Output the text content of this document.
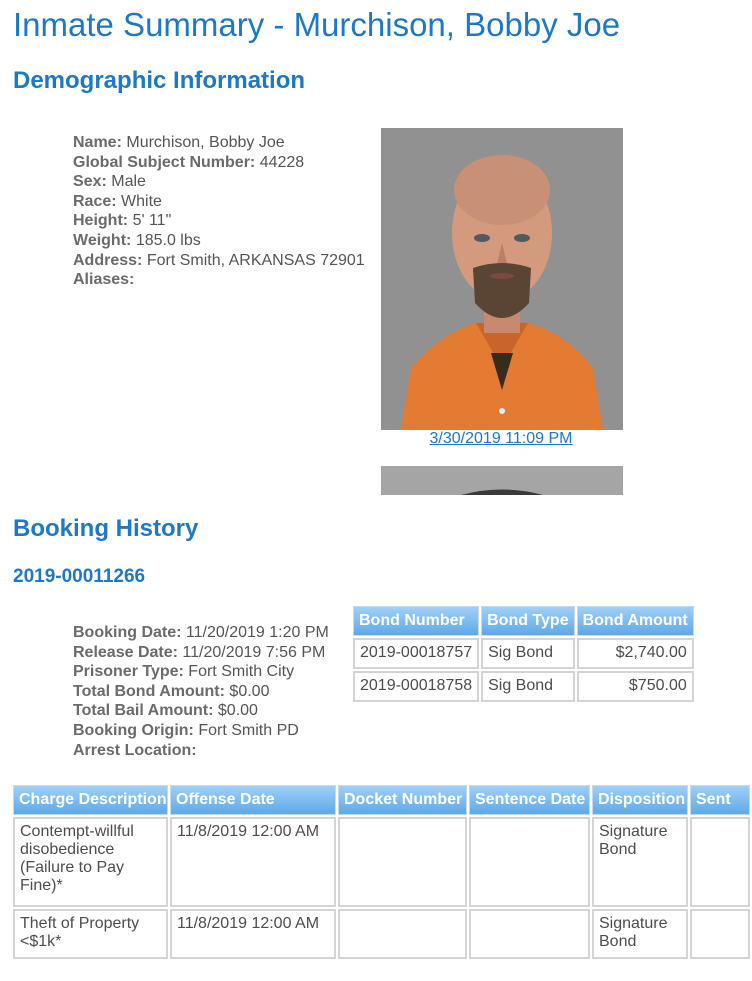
Inmate Summary - Murchison, Bobby Joe
Demographic Information
Name: Murchison, Bobby Joe
Global Subject Number: 44228
Sex: Male
Race: White
Height: 5' 11"
Weight: 185.0 lbs
Address: Fort Smith, ARKANSAS 72901
Aliases:
3/30/2019 11:09 PM
Booking History
2019-00011266
Booking Date: 11/20/2019 1:20 PM
Release Date: 11/20/2019 7:56 PM
Prisoner Type: Fort Smith City
Total Bond Amount: $0.00
Total Bail Amount: $0.00
Booking Origin: Fort Smith PD
Arrest Location:
Bond Number	Bond Type	Bond Amount
2019-00018757	Sig Bond	$2,740.00
2019-00018758	Sig Bond	$750.00
Charge Description	Offense Date	Docket Number	Sentence Date	Disposition	Sent
Contempt-willful disobedience (Failure to Pay Fine)*	11/8/2019 12:00 AM			Signature Bond	
Theft of Property <$1k*	11/8/2019 12:00 AM			Signature Bond	
